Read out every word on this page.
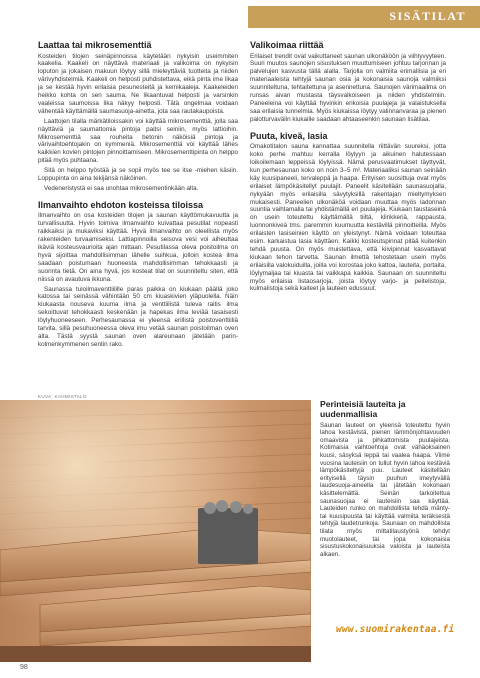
SISÄTILAT
Laattaa tai mikrosementtiä

Kosteiden tilojen seinäpinnoissa käytetään nykyisin useimmiten kaakelia. Kaakeli on näyttävä materiaali ja valikoima on nykyisin loputon ja jokaisen makuun löytyy sillä mieleyttäviä tuotteita ja niiden värivyhdistelmiä. Kaakeli on helposti puhdistettava, eikä pinta ime likaa ja se kestää hyvin erilaisia pesunesteitä ja kemikaaleja. Kaakeleiden heikko kohta on sen sauma. Ne likaantuvat helposti ja varsinkin vaaleissa saumoissa lika näkyy helposti. Tätä ongelmaa voidaan vähentää käyttämällä saumasuoja-ainetta, jota saa rautakaupoista.

Laattojen tilalla märkätiloissakin voi käyttää mikrosementtiä, jolla saa näyttäviä ja saumattomia pintoja paitsi seiniin, myös lattioihin. Mikrosementtiä saa rouheita betonin näköisiä pintoja ja värivaihtoehtojakin on kymmeniä. Mikrosementtiä voi käyttää lähes kaikkien kovien pintojen pinnoittamiseen. Mikrosementtipinta on helppo pitää myös puhtaana.

Sitä on helppo työstää ja se sopii myös tee se itse -miehen käsiin. Loppupinta on aina tekijänsä näköinen.

Vedeneristystä ei saa unohtaa mikrosementinkään alta.

Ilmanvaihto ehdoton kosteissa tiloissa

Ilmanvaihto on osa kosteiden tilojen ja saunan käyttömukavuutta ja turvallisuutta. Hyvin toimiva ilmanvaihto kuivattaa pesutilat nopeasti raikkaiksi ja mukaviksi käyttää. Hyvä ilmanvaihto on oleellista myös rakenteiden turvaamiseksi. Lattiapinnoilla seisova vesi voi aiheuttaa ikäviä kosteusvaurioita ajan mittaan. Pesutilassa oleva poistoilma on hyvä sijoittaa mahdollisimman lähelle suihkua, jolloin kostea ilma saadaan poistumaan huoneesta mahdollisimman tehokkaasti ja suorinta tietä. On aina hyvä, jos kosteat tilat on suunniteltu siten, että niissä on avautuva ikkuna.

Saunassa tuloilmaventtiilille paras paikka on kiukaan päällä joko katossa tai seinässä vähintään 50 cm kiuaskivien yläpuolella. Näin kiukaasta nouseva kuuma ilma ja venttiilistä tuleva raitis ilma sekoittuvat tehokkaasti keskenään ja hapekas ilma leviää tasaisesti löylyhuoneeseen. Perhesaunassa ei yleensä erillistä poistoventtiiliä tarvita, sillä pesuhuoneessa oleva imu vetää saunan poistoilman oven alta. Tästä syystä saunan oven alareunaan jätetään parin-kolmenkymmenen sentin rako.

Valikoimaa riittää

Erilaiset trendit ovat vaikuttaneet saunan ulkonäköön ja viihtyvyyteen. Suuri muutos saunojen sisustuksen muuttumiseen johtuu tarjonnan ja palvelujen kasvusta tällä alalla. Tarjolla on valmiita erimallisia ja eri materiaaleista tehtyjä saunan osia ja kokonaisia saunoja valmiiksi suunniteltuna, tehtaitettuna ja asennettuna. Saunojen värimaailma on runsas aivan mustasta täysvalkoiseen ja niiden yhdistelmiin. Paneeleina voi käyttää hyvinkin erikoisia puulajeja ja valaistuksella saa erilaisia tunnelmia. Myös kiukaissa löytyy valinnanvaraa ja pienen palotturvavälin kiukaille saadaan ahtaaseenkin saunaan lisätilaa.

Puuta, kiveä, lasia

Omakotitalon sauna kannattaa suunnitella riittävän suureksi, jotta koko perhe mahtuu kerralla löylyyn ja aikuinen halutessaan loikoilemaan leppeissä löylyissä. Nämä perusvaatimukset täyttyvät, kun perhesaunan koko on noin 3–5 m². Materiaaliksi saunan seinään käy kuusipaneeli, tervaleppä ja haapa. Erityisen suosittuja ovat myös erilaiset lämpökäsitellyt puulajit. Paneelit käsitellään saunasuojalla, nykyään myös erilaisilla sävytyksillä rakentajan mieltymyksen mukaisesti. Paneelien ulkonäköä voidaan muuttaa myös ladonnan suuntia vaihtamalla tai yhdistämällä eri puulajeja. Kiukaan taustaseinä on usein toteutettu käyttämällä tiiltä, klinkkeriä, rappausta, luonnonkiveä tms. paremmin kuumuutta kestävillä pinnoitteilla. Myös erilaisten lasiseinien käyttö on yleistynyt. Nämä voidaan toteuttaa esim. karkaistua lasia käyttäen. Kaikki kosteutspinnat pitää kuitenkin tehdä puusta. On myös muistettava, että kiivipinnat kasvattavat kiukaan tehon tarvetta. Saunan ilmettä tehostetaan usein myös erilaisilla valokuiduilla, joilla voi korostaa joko kattoa, lauteita, portaita, löylymaljaa tai kiuasta tai vaikkapa kaikkia. Saunaan on suunniteltu myös erilaisia listaosarjoja, joista löytyy varjo- ja peitelistoja, kulmalistoja sekä kaiteet ja lauteen edussuut.

KUVA: KAHMISTALO
Perinteisiä lauteita ja uudenmallisia

Saunan lauteet on yleensä toteutettu hyvin lahoa kestävistä, pienen lämmönjohtavuuden omaavista ja pihkattomista puulajeista. Kotimaisia vaihtoehtoja ovat vähäoksainen kuusi, säsyksä leppä tai vaalea haapa. Viime vuosina lauteisiin on tullut hyvin lahoa kestäviä lämpökäsiteltyjä puu. Lauteet käsitellään erityisellä täysin puuhun imeytyvällä laudesuoja-aineella tai jätetään kokonaan käsittelemättä. Seinän tarkoitettua saunasuojaa ei lauteisiin saa käyttää. Lauteiden runko on mahdollista tehdä mänty- tai kuusipuusta tai käyttää valmiita teräksestä tehtyjä laudetrunkoja. Saunaan on mahdollista tilata myös mittatilaustyönä tehdyt muotolauteet, tai jopa kokonaisia sisustuskokonaisuuksia valoista ja lauteista alkaen.

www.suomirakentaa.fi
98
